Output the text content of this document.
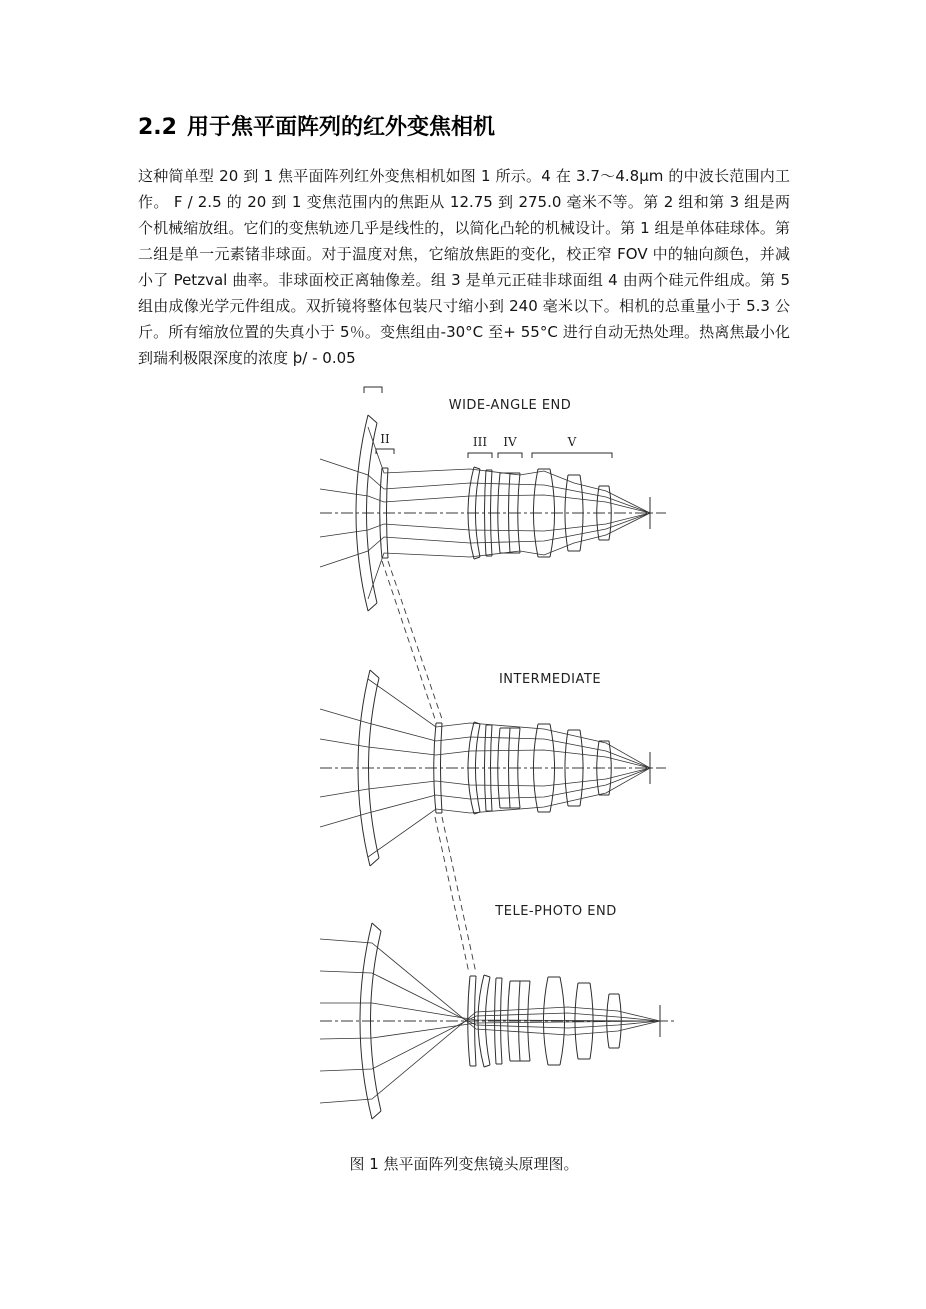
2.2 用于焦平面阵列的红外变焦相机

这种简单型 20 到 1 焦平面阵列红外变焦相机如图 1 所示。4 在 3.7～4.8μm 的中波长范围内工作。 F / 2.5 的 20 到 1 变焦范围内的焦距从 12.75 到 275.0 毫米不等。第 2 组和第 3 组是两个机械缩放组。它们的变焦轨迹几乎是线性的，以简化凸轮的机械设计。第 1 组是单体硅球体。第二组是单一元素锗非球面。对于温度对焦，它缩放焦距的变化，校正窄 FOV 中的轴向颜色，并减小了 Petzval 曲率。非球面校正离轴像差。组 3 是单元正硅非球面组 4 由两个硅元件组成。第 5 组由成像光学元件组成。双折镜将整体包装尺寸缩小到 240 毫米以下。相机的总重量小于 5.3 公斤。所有缩放位置的失真小于 5％。变焦组由-30°C 至+ 55°C 进行自动无热处理。热离焦最小化到瑞利极限深度的浓度 þ/ - 0.05

WIDE-ANGLE END
II	III IV	V
INTERMEDIATE
TELE-PHOTO END
图 1 焦平面阵列变焦镜头原理图。
